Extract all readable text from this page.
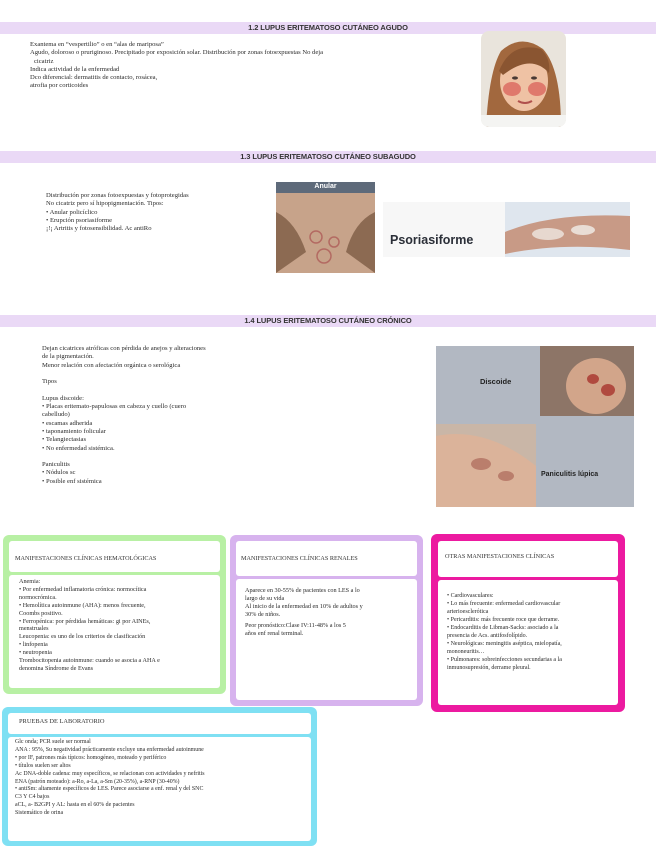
1.2 LUPUS ERITEMATOSO CUTÁNEO AGUDO
Exantema en “vespertilio” o en “alas de mariposa”
Agudo, doloroso o pruriginoso. Precipitado por exposición solar. Distribución por zonas fotoexpuestas No deja
cicatriz
Indica actividad de la enfermedad
Dco diferencial: dermatitis de contacto, rosácea,
atrofia por corticoides
1.3 LUPUS ERITEMATOSO CUTÁNEO SUBAGUDO
Distribución por zonas fotoexpuestas y fotoprotegidas
No cicatriz pero sí hipopigmentación. Tipos:
• Anular policíclico
• Erupción psoriasiforme
¡!¡ Artritis y fotosensibilidad. Ac antiRo
Anular
Psoriasiforme
1.4 LUPUS ERITEMATOSO CUTÁNEO CRÓNICO
Dejan cicatrices atróficas con pérdida de anejos y alteraciones
de la pigmentación.
Menor relación con afectación orgánica o serológica
Tipos
Lupus discoide:
• Placas eritemato-papulosas en cabeza y cuello (cuero
cabelludo)
• escamas adherida
• taponamiento folicular
• Telangiectasias
• No enfermedad sistémica.
Paniculitis
• Nódulos sc
• Posible enf sistémica
Discoide
Paniculitis lúpica
MANIFESTACIONES CLÍNICAS HEMATOLÓGICAS
Anemia:
• Por enfermedad inflamatoria crónica: normocítica
normocrómica.
• Hemolítica autoinmune (AHA): menos frecuente,
Coombs positivo.
• Ferropénica: por pérdidas hemáticas: gi por AINEs,
menstruales
Leucopenia: es uno de los criterios de clasificación
• linfopenia
• neutropenia
Trombocitopenia autoinmune: cuando se asocia a AHA e
denomina Síndrome de Evans
MANIFESTACIONES CLÍNICAS RENALES
Aparece en 30-55% de pacientes con LES a lo
largo de su vida
Al inicio de la enfermedad en 10% de adultos y
30% de niños.
Peor pronóstico:Clase IV:11-48% a los 5
años enf renal terminal.
OTRAS MANIFESTACIONES CLÍNICAS
• Cardiovasculares:
• Lo más frecuente: enfermedad cardiovascular
arterioesclerótica
• Pericarditis: más frecuente roce que derrame.
• Endocarditis de Libman-Sacks: asociado a la
presencia de Acs. antifosfolípido.
• Neurológicas: meningitis aséptica, mielopatía,
mononeuritis…
• Pulmonares: sobreinfecciones secundarias a la
inmunosupresión, derrame pleural.
PRUEBAS DE LABORATORIO
Glc onda; PCR suele ser normal
ANA : 95%, Su negatividad prácticamente excluye una enfermedad autoinmune
• por IF, patrones más típicos: homogéneo, moteado y periférico
• títulos suelen ser altos
Ac DNA-doble cadena: muy específicos, se relacionan con actividades y nefritis
ENA (patrón moteado): a-Ro, a-La, a-Sm (20-35%), a-RNP (30-40%)
• antiSm: altamente específicos de LES. Parece asociarse a enf. renal y del SNC
C3 Y C4 bajos
aCL, a- B2GPI y AL: hasta en el 60% de pacientes
Sistemático de orina
